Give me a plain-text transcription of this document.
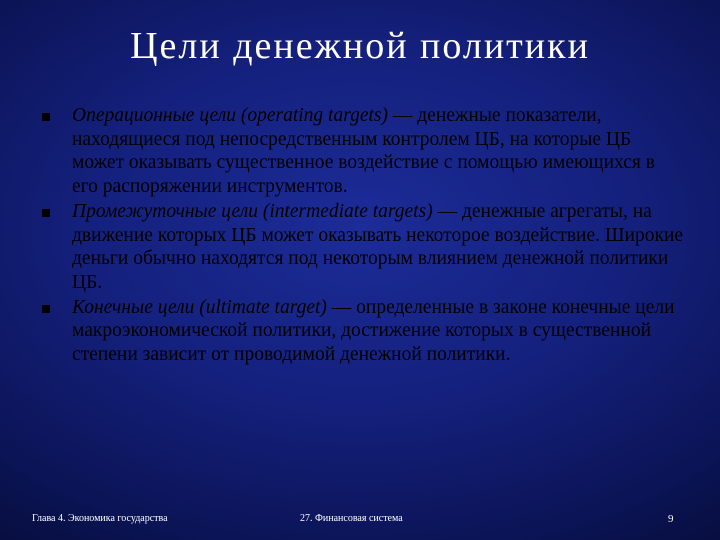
Цели денежной политики
Операционные цели (operating targets) — денежные показатели, находящиеся под непосредственным контролем ЦБ, на которые ЦБ может оказывать существенное воздействие с помощью имеющихся в его распоряжении инструментов.
Промежуточные цели (intermediate targets) — денежные агрегаты, на движение которых ЦБ может оказывать некоторое воздействие. Широкие деньги обычно находятся под некоторым влиянием денежной политики ЦБ.
Конечные цели (ultimate target) — определенные в законе конечные цели макроэкономической политики, достижение которых в существенной степени зависит от проводимой денежной политики.
Глава 4. Экономика государства	27. Финансовая система	9
